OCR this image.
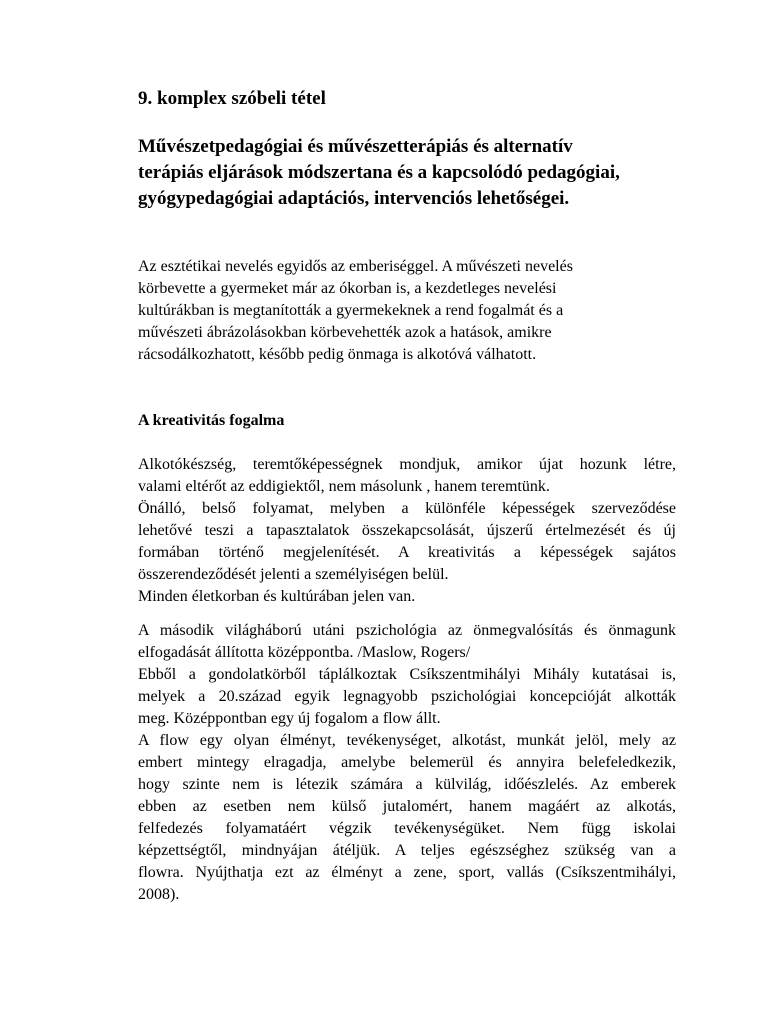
9. komplex szóbeli tétel
Művészetpedagógiai és művészetterápiás és alternatív
terápiás eljárások módszertana és a kapcsolódó pedagógiai,
gyógypedagógiai adaptációs, intervenciós lehetőségei.

Az esztétikai nevelés egyidős az emberiséggel. A művészeti nevelés
körbevette a gyermeket már az ókorban is, a kezdetleges nevelési
kultúrákban is megtanították a gyermekeknek a rend fogalmát és a
művészeti ábrázolásokban körbevehették azok a hatások, amikre
rácsodálkozhatott, később pedig önmaga is alkotóvá válhatott.

A kreativitás fogalma
Alkotókészség, teremtőképességnek mondjuk, amikor újat hozunk létre,
valami eltérőt az eddigiektől, nem másolunk , hanem teremtünk.
Önálló, belső folyamat, melyben a különféle képességek szerveződése
lehetővé teszi a tapasztalatok összekapcsolását, újszerű értelmezését és új
formában történő megjelenítését. A kreativitás a képességek sajátos
összerendeződését jelenti a személyiségen belül.
Minden életkorban és kultúrában jelen van.
A második világháború utáni pszichológia az önmegvalósítás és önmagunk
elfogadását állította középpontba. /Maslow, Rogers/
Ebből a gondolatkörből táplálkoztak Csíkszentmihályi Mihály kutatásai is,
melyek a 20.század egyik legnagyobb pszichológiai koncepcióját alkották
meg. Középpontban egy új fogalom a flow állt.
A flow egy olyan élményt, tevékenységet, alkotást, munkát jelöl, mely az
embert mintegy elragadja, amelybe belemerül és annyira belefeledkezik,
hogy szinte nem is létezik számára a külvilág, időészlelés. Az emberek
ebben az esetben nem külső jutalomért, hanem magáért az alkotás,
felfedezés folyamatáért végzik tevékenységüket. Nem függ iskolai
képzettségtől, mindnyájan átéljük. A teljes egészséghez szükség van a
flowra. Nyújthatja ezt az élményt a zene, sport, vallás (Csíkszentmihályi,
2008).
